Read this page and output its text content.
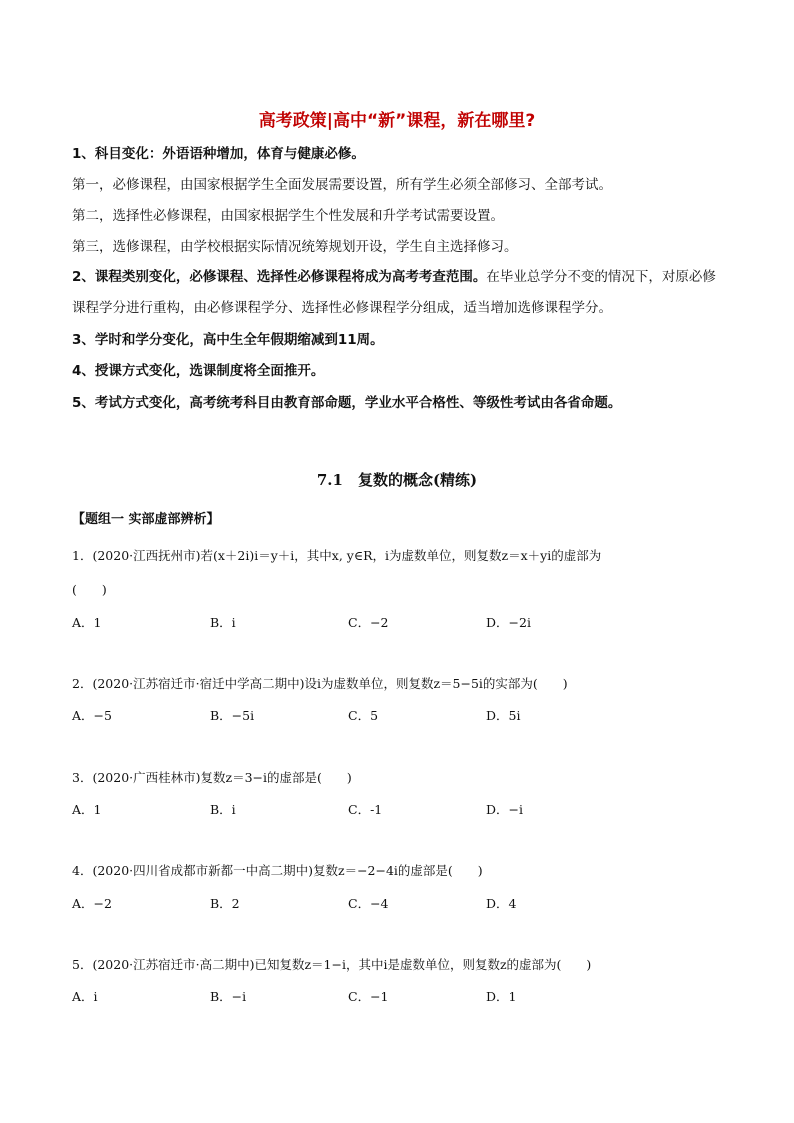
高考政策|高中“新”课程，新在哪里?
1、科目变化：外语语种增加，体育与健康必修。
第一，必修课程，由国家根据学生全面发展需要设置，所有学生必须全部修习、全部考试。
第二，选择性必修课程，由国家根据学生个性发展和升学考试需要设置。
第三，选修课程，由学校根据实际情况统筹规划开设，学生自主选择修习。
2、课程类别变化，必修课程、选择性必修课程将成为高考考查范围。在毕业总学分不变的情况下，对原必修课程学分进行重构，由必修课程学分、选择性必修课程学分组成，适当增加选修课程学分。
3、学时和学分变化，高中生全年假期缩减到11周。
4、授课方式变化，选课制度将全面推开。
5、考试方式变化，高考统考科目由教育部命题，学业水平合格性、等级性考试由各省命题。
7.1　复数的概念(精练)
【题组一 实部虚部辨析】
1．(2020·江西抚州市)若(x＋2i)i＝y＋i，其中x, y∈R，i为虚数单位，则复数z＝x＋yi的虚部为
(　　)
A．1	B．i	C．−2	D．−2i
2．(2020·江苏宿迁市·宿迁中学高二期中)设i为虚数单位，则复数z＝5−5i的实部为(　　)
A．−5	B．−5i	C．5	D．5i
3．(2020·广西桂林市)复数z＝3−i的虚部是(　　)
A．1	B．i	C．-1	D．−i
4．(2020·四川省成都市新都一中高二期中)复数z＝−2−4i的虚部是(　　)
A．−2	B．2	C．−4	D．4
5．(2020·江苏宿迁市·高二期中)已知复数z＝1−i，其中i是虚数单位，则复数z的虚部为(　　)
A．i	B．−i	C．−1	D．1
